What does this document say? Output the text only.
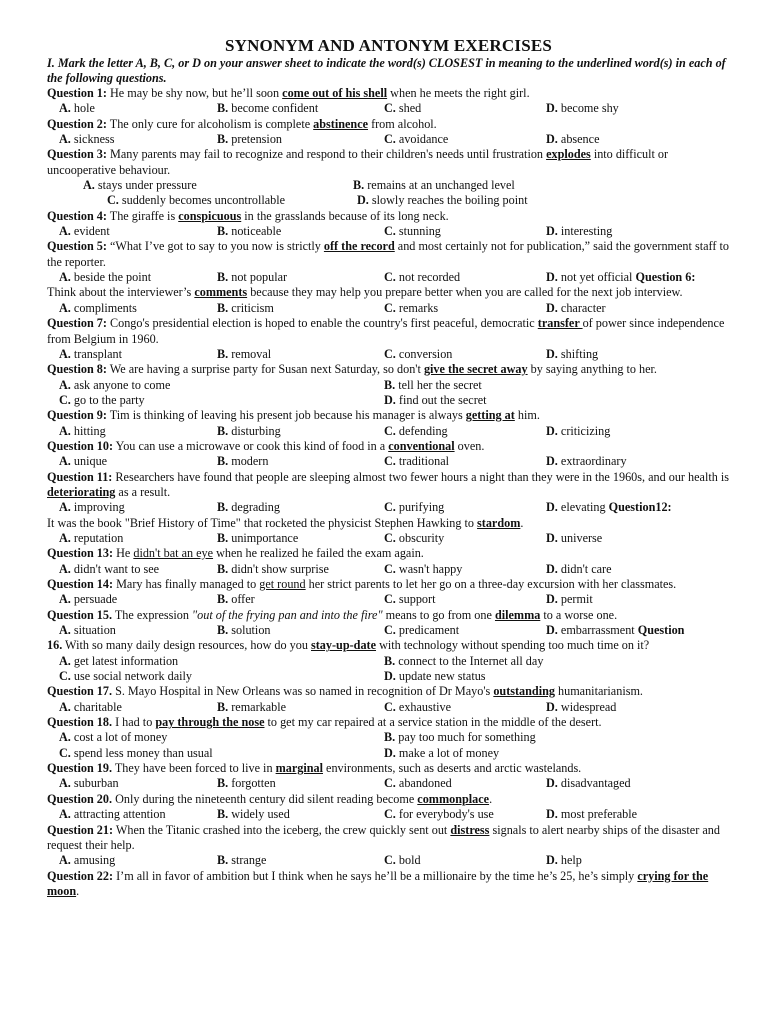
SYNONYM AND ANTONYM EXERCISES

I. Mark the letter A, B, C, or D on your answer sheet to indicate the word(s) CLOSEST in meaning to the underlined word(s) in each of the following questions.

Question 1: He may be shy now, but he’ll soon come out of his shell when he meets the right girl.

A. hole	B. become confident	C. shed	D. become shy

Question 2: The only cure for alcoholism is complete abstinence from alcohol.

A. sickness	B. pretension	C. avoidance	D. absence

Question 3: Many parents may fail to recognize and respond to their children's needs until frustration explodes into difficult or uncooperative behaviour.

A. stays under pressure	B. remains at an unchanged level
C. suddenly becomes uncontrollable	D. slowly reaches the boiling point

Question 4: The giraffe is conspicuous in the grasslands because of its long neck.

A. evident	B. noticeable	C. stunning	D. interesting

Question 5: “What I’ve got to say to you now is strictly off the record and most certainly not for publication,” said the government staff to the reporter.

A. beside the point	B. not popular	C. not recorded	D. not yet official Question 6:

Think about the interviewer’s comments because they may help you prepare better when you are called for the next job interview.

A. compliments	B. criticism	C. remarks	D. character

Question 7: Congo's presidential election is hoped to enable the country's first peaceful, democratic transfer of power since independence from Belgium in 1960.

A. transplant	B. removal	C. conversion	D. shifting

Question 8: We are having a surprise party for Susan next Saturday, so don't give the secret away by saying anything to her.

A. ask anyone to come	B. tell her the secret
C. go to the party	D. find out the secret

Question 9: Tim is thinking of leaving his present job because his manager is always getting at him.

A. hitting	B. disturbing	C. defending	D. criticizing

Question 10: You can use a microwave or cook this kind of food in a conventional oven.

A. unique	B. modern	C. traditional	D. extraordinary

Question 11: Researchers have found that people are sleeping almost two fewer hours a night than they were in the 1960s, and our health is deteriorating as a result.

A. improving	B. degrading	C. purifying	D. elevating Question12:

It was the book "Brief History of Time" that rocketed the physicist Stephen Hawking to stardom.

A. reputation	B. unimportance	C. obscurity	D. universe

Question 13: He didn't bat an eye when he realized he failed the exam again.

A. didn't want to see	B. didn't show surprise	C. wasn't happy	D. didn't care

Question 14: Mary has finally managed to get round her strict parents to let her go on a three-day excursion with her classmates.

A. persuade	B. offer	C. support	D. permit

Question 15. The expression "out of the frying pan and into the fire" means to go from one dilemma to a worse one.

A. situation	B. solution	C. predicament	D. embarrassment Question

16. With so many daily design resources, how do you stay-up-date with technology without spending too much time on it?

A. get latest information	B. connect to the Internet all day
C. use social network daily	D. update new status

Question 17. S. Mayo Hospital in New Orleans was so named in recognition of Dr Mayo's outstanding humanitarianism.

A. charitable	B. remarkable	C. exhaustive	D. widespread

Question 18. I had to pay through the nose to get my car repaired at a service station in the middle of the desert.

A. cost a lot of money	B. pay too much for something
C. spend less money than usual	D. make a lot of money

Question 19. They have been forced to live in marginal environments, such as deserts and arctic wastelands.

A. suburban	B. forgotten	C. abandoned	D. disadvantaged

Question 20. Only during the nineteenth century did silent reading become commonplace.

A. attracting attention	B. widely used	C. for everybody's use	D. most preferable

Question 21: When the Titanic crashed into the iceberg, the crew quickly sent out distress signals to alert nearby ships of the disaster and request their help.

A. amusing	B. strange	C. bold	D. help

Question 22: I’m all in favor of ambition but I think when he says he’ll be a millionaire by the time he’s 25, he’s simply crying for the moon.
